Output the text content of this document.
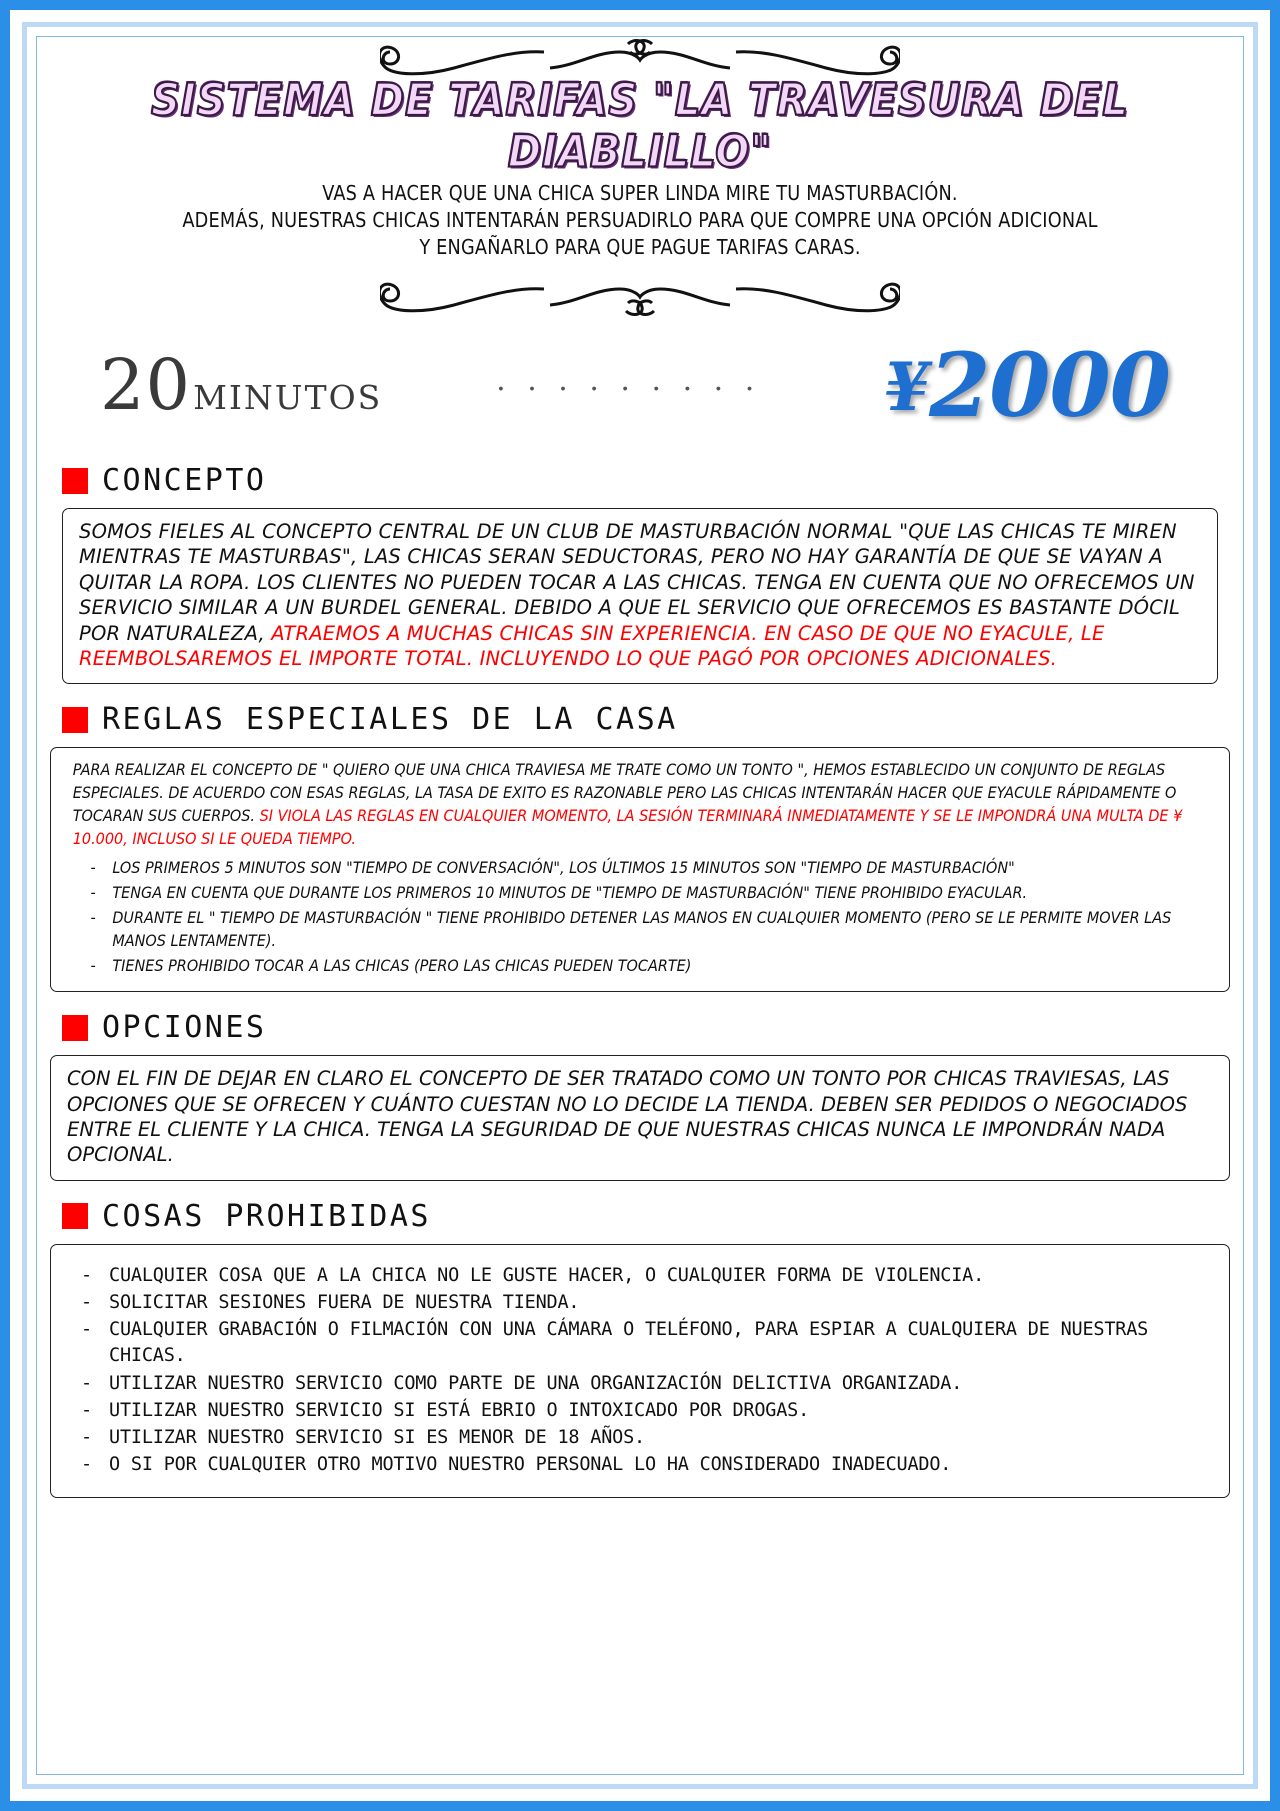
SISTEMA DE TARIFAS "LA TRAVESURA DEL DIABLILLO"
VAS A HACER QUE UNA CHICA SUPER LINDA MIRE TU MASTURBACIÓN.
ADEMÁS, NUESTRAS CHICAS INTENTARÁN PERSUADIRLO PARA QUE COMPRE UNA OPCIÓN ADICIONAL
Y ENGAÑARLO PARA QUE PAGUE TARIFAS CARAS.
20 MINUTOS	. . . . . . . . . ¥2000
CONCEPTO
SOMOS FIELES AL CONCEPTO CENTRAL DE UN CLUB DE MASTURBACIÓN NORMAL "QUE LAS CHICAS TE MIREN MIENTRAS TE MASTURBAS", LAS CHICAS SERAN SEDUCTORAS, PERO NO HAY GARANTÍA DE QUE SE VAYAN A QUITAR LA ROPA. LOS CLIENTES NO PUEDEN TOCAR A LAS CHICAS. TENGA EN CUENTA QUE NO OFRECEMOS UN SERVICIO SIMILAR A UN BURDEL GENERAL. DEBIDO A QUE EL SERVICIO QUE OFRECEMOS ES BASTANTE DÓCIL POR NATURALEZA, ATRAEMOS A MUCHAS CHICAS SIN EXPERIENCIA. EN CASO DE QUE NO EYACULE, LE REEMBOLSAREMOS EL IMPORTE TOTAL. INCLUYENDO LO QUE PAGÓ POR OPCIONES ADICIONALES.
REGLAS ESPECIALES DE LA CASA
PARA REALIZAR EL CONCEPTO DE " QUIERO QUE UNA CHICA TRAVIESA ME TRATE COMO UN TONTO ", HEMOS ESTABLECIDO UN CONJUNTO DE REGLAS ESPECIALES. DE ACUERDO CON ESAS REGLAS, LA TASA DE EXITO ES RAZONABLE PERO LAS CHICAS INTENTARÁN HACER QUE EYACULE RÁPIDAMENTE O TOCARAN SUS CUERPOS. SI VIOLA LAS REGLAS EN CUALQUIER MOMENTO, LA SESIÓN TERMINARÁ INMEDIATAMENTE Y SE LE IMPONDRÁ UNA MULTA DE ¥ 10.000, INCLUSO SI LE QUEDA TIEMPO.
- LOS PRIMEROS 5 MINUTOS SON "TIEMPO DE CONVERSACIÓN", LOS ÚLTIMOS 15 MINUTOS SON "TIEMPO DE MASTURBACIÓN"
- TENGA EN CUENTA QUE DURANTE LOS PRIMEROS 10 MINUTOS DE "TIEMPO DE MASTURBACIÓN" TIENE PROHIBIDO EYACULAR.
- DURANTE EL " TIEMPO DE MASTURBACIÓN " TIENE PROHIBIDO DETENER LAS MANOS EN CUALQUIER MOMENTO (PERO SE LE PERMITE MOVER LAS MANOS LENTAMENTE).
- TIENES PROHIBIDO TOCAR A LAS CHICAS (PERO LAS CHICAS PUEDEN TOCARTE)
OPCIONES
CON EL FIN DE DEJAR EN CLARO EL CONCEPTO DE SER TRATADO COMO UN TONTO POR CHICAS TRAVIESAS, LAS OPCIONES QUE SE OFRECEN Y CUÁNTO CUESTAN NO LO DECIDE LA TIENDA. DEBEN SER PEDIDOS O NEGOCIADOS ENTRE EL CLIENTE Y LA CHICA. TENGA LA SEGURIDAD DE QUE NUESTRAS CHICAS NUNCA LE IMPONDRÁN NADA OPCIONAL.
COSAS PROHIBIDAS
- CUALQUIER COSA QUE A LA CHICA NO LE GUSTE HACER, O CUALQUIER FORMA DE VIOLENCIA.
- SOLICITAR SESIONES FUERA DE NUESTRA TIENDA.
- CUALQUIER GRABACIÓN O FILMACIÓN CON UNA CÁMARA O TELÉFONO, PARA ESPIAR A CUALQUIERA DE NUESTRAS CHICAS.
- UTILIZAR NUESTRO SERVICIO COMO PARTE DE UNA ORGANIZACIÓN DELICTIVA ORGANIZADA.
- UTILIZAR NUESTRO SERVICIO SI ESTÁ EBRIO O INTOXICADO POR DROGAS.
- UTILIZAR NUESTRO SERVICIO SI ES MENOR DE 18 AÑOS.
- O SI POR CUALQUIER OTRO MOTIVO NUESTRO PERSONAL LO HA CONSIDERADO INADECUADO.
